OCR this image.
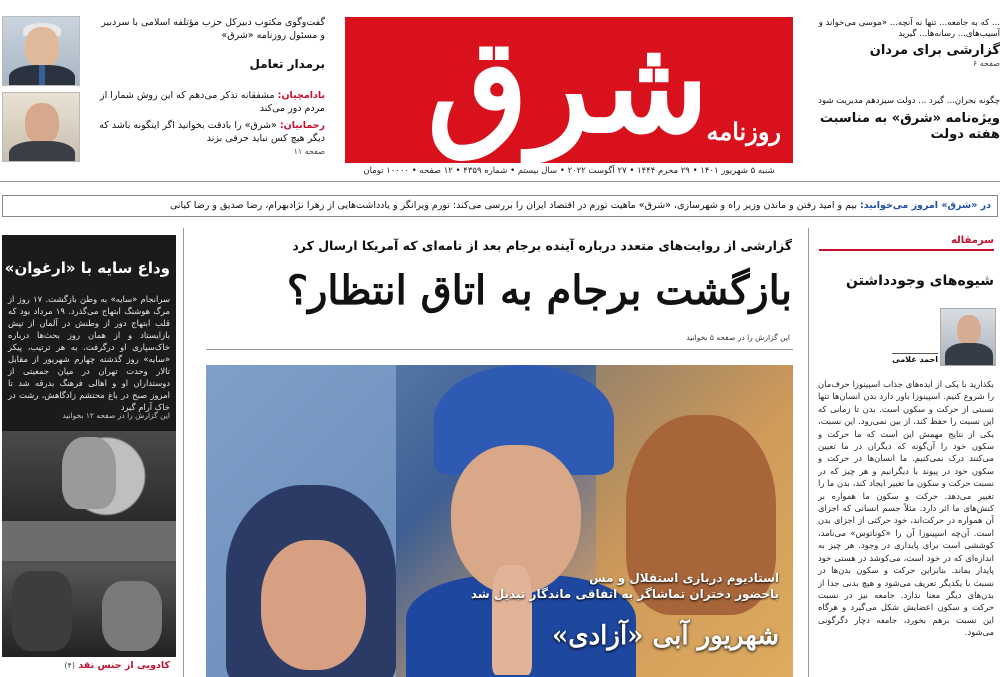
گفت‌وگوی مکتوب دبیرکل حزب مؤتلفه اسلامی با سردبیر و مسئول روزنامه «شرق»
برمدار تعامل
بادامچیان: مشفقانه تذکر می‌دهم که این روش شمارا از مردم دور می‌کند
رحمانیان: «شرق» را بادقت بخوانید اگر اینگونه باشد که دیگر هیچ کس نباید حرفی بزند
صفحه ۱۱ شرق
روزنامه
شنبه ۵ شهریور ۱۴۰۱ • ۲۹ محرم ۱۴۴۴ • ۲۷ آگوست ۲۰۲۲ • سال بیستم • شماره ۴۳۵۹ • ۱۲ صفحه • ۱۰۰۰۰ تومان
... که به جامعه... تنها نه آنچه... «موسی می‌خواند و آسیب‌های... رسانه‌ها... گیرید
گزارشی برای مردان
صفحه ۶
چگونه بحران... گیرد ... دولت سیزدهم مدیریت شود
ویژه‌نامه «شرق» به مناسبت هفته دولت
در «شرق» امروز می‌خوانید: بیم و امید رفتن و ماندن وزیر راه و شهرسازی، «شرق» ماهیت تورم در اقتصاد ایران را بررسی می‌کند: تورم ویرانگر و یادداشت‌هایی از زهرا نژاد‌بهرام، رضا صدیق و رضا کیانی
وداع سایه با «ارغوان»
سرانجام «سایه» به وطن بازگشت. ۱۷ روز از مرگ هوشنگ ابتهاج می‌گذرد. ۱۹ مرداد بود که قلب ابتهاج دور از وطنش در آلمان از تپش بازایستاد و از همان روز بحث‌ها درباره خاک‌سپاری او درگرفت. به هر ترتیب، پیکر «سایه» روز گذشته چهارم شهریور از مقابل تالار وحدت تهران در میان جمعیتی از دوستداران او و اهالی فرهنگ بدرقه شد تا امروز صبح در باغ محتشم زادگاهش، رشت در خاک آرام گیرد
این گزارش را در صفحه ۱۲ بخوانید
کادویی از جنس نقد (۴)
گزارشی از روایت‌های متعدد درباره آینده برجام بعد از نامه‌ای که آمریکا ارسال کرد
بازگشت برجام به اتاق انتظار؟
این گزارش را در صفحه ۵ بخوانید
استادیوم دربازی استقلال و مس
باحضور دختران تماشاگر به اتفاقی ماندگار تبدیل شد
شهریور آبی «آزادی»
سرمقاله
شیوه‌های وجودداشتن
احمد غلامی
بکذارید با یکی از ایده‌های جذاب اسپینوزا حرف‌مان را شروع کنیم. اسپینوزا باور دارد بدن انسان‌ها تنها نسبتی از حرکت و سکون است. بدن تا زمانی که این نسبت را حفظ کند، از بین نمی‌رود. این نسبت، یکی از نتایج مهمش این است که ما حرکت و سکون خود را آن‌گونه که دیگران در ما تعیین می‌کنند درک نمی‌کنیم. ما انسان‌ها در حرکت و سکون خود در پیوند با دیگرانیم و هر چیز که در نسبت حرکت و سکون ما تغییر ایجاد کند، بدن ما را تغییر می‌دهد. حرکت و سکون ما همواره بر کنش‌های ما اثر دارد. مثلاً جسم انسانی که اجزای آن همواره در حرکت‌اند، خود حرکتی از اجزای بدن است. آن‌چه اسپینوزا آن را «کوناتوس» می‌نامد، کوششی است برای پایداری در وجود. هر چیز به اندازه‌ای که در خود است، می‌کوشد در هستی خود پایدار بماند. بنابراین حرکت و سکون بدن‌ها در نسبت با یکدیگر تعریف می‌شود و هیچ بدنی جدا از بدن‌های دیگر معنا ندارد. جامعه نیز در نسبت حرکت و سکون اعضایش شکل می‌گیرد و هرگاه این نسبت برهم بخورد، جامعه دچار دگرگونی می‌شود.
